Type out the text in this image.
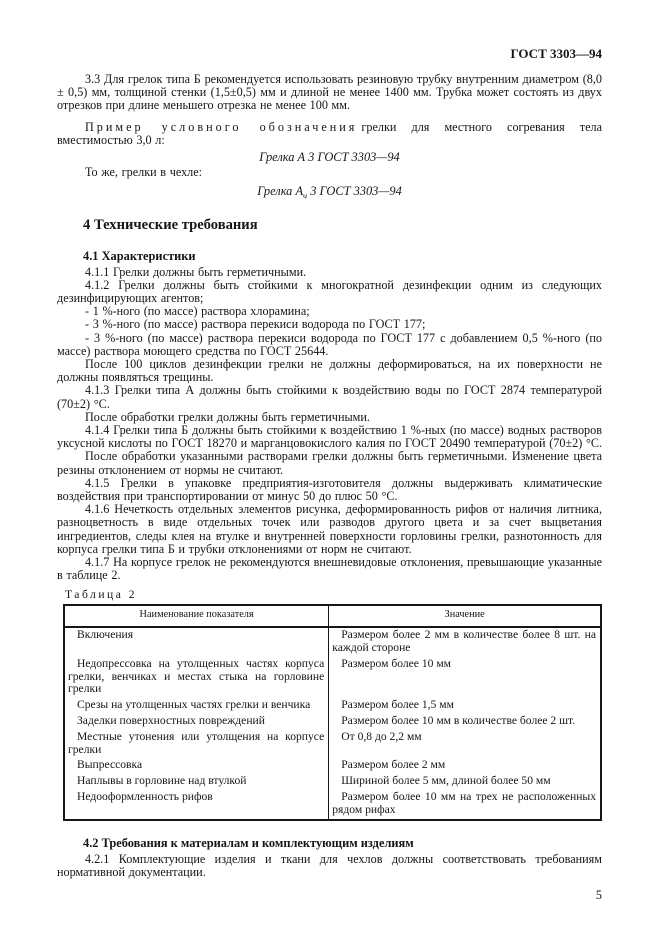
ГОСТ 3303—94

3.3 Для грелок типа Б рекомендуется использовать резиновую трубку внутренним диаметром (8,0 ± 0,5) мм, толщиной стенки (1,5±0,5) мм и длиной не менее 1400 мм. Трубка может состоять из двух отрезков при длине меньшего отрезка не менее 100 мм.

Пример условного обозначения грелки для местного согревания тела вместимостью 3,0 л:

Грелка А 3 ГОСТ 3303—94

То же, грелки в чехле:

Грелка $А_ч$ 3 ГОСТ 3303—94

4 Технические требования
4.1 Характеристики

4.1.1 Грелки должны быть герметичными.

4.1.2 Грелки должны быть стойкими к многократной дезинфекции одним из следующих дезинфицирующих агентов;

- 1 %-ного (по массе) раствора хлорамина;

- 3 %-ного (по массе) раствора перекиси водорода по ГОСТ 177;

- 3 %-ного (по массе) раствора перекиси водорода по ГОСТ 177 с добавлением 0,5 %-ного (по массе) раствора моющего средства по ГОСТ 25644.

После 100 циклов дезинфекции грелки не должны деформироваться, на их поверхности не должны появляться трещины.

4.1.3 Грелки типа А должны быть стойкими к воздействию воды по ГОСТ 2874 температурой (70±2) °С.

После обработки грелки должны быть герметичными.

4.1.4 Грелки типа Б должны быть стойкими к воздействию 1 %-ных (по массе) водных растворов уксусной кислоты по ГОСТ 18270 и марганцовокислого калия по ГОСТ 20490 температурой (70±2) °С.

После обработки указанными растворами грелки должны быть герметичными. Изменение цвета резины отклонением от нормы не считают.

4.1.5 Грелки в упаковке предприятия-изготовителя должны выдерживать климатические воздействия при транспортировании от минус 50 до плюс 50 °С.

4.1.6 Нечеткость отдельных элементов рисунка, деформированность рифов от наличия литника, разноцветность в виде отдельных точек или разводов другого цвета и за счет выцветания ингредиентов, следы клея на втулке и внутренней поверхности горловины грелки, разнотонность для корпуса грелки типа Б и трубки отклонениями от норм не считают.

4.1.7 На корпусе грелок не рекомендуются внешневидовые отклонения, превышающие указанные в таблице 2.

Таблица 2

Наименование показателя	Значение
Включения	Размером более 2 мм в количестве более 8 шт. на каждой стороне
Недопрессовка на утолщенных частях корпуса грелки, венчиках и местах стыка на горловине грелки	Размером более 10 мм
Срезы на утолщенных частях грелки и венчика	Размером более 1,5 мм
Заделки поверхностных повреждений	Размером более 10 мм в количестве более 2 шт.
Местные утонения или утолщения на корпусе грелки	От 0,8 до 2,2 мм
Выпрессовка	Размером более 2 мм
Наплывы в горловине над втулкой	Шириной более 5 мм, длиной более 50 мм
Недооформленность рифов	Размером более 10 мм на трех не расположенных рядом рифах
4.2 Требования к материалам и комплектующим изделиям

4.2.1 Комплектующие изделия и ткани для чехлов должны соответствовать требованиям нормативной документации.

5
